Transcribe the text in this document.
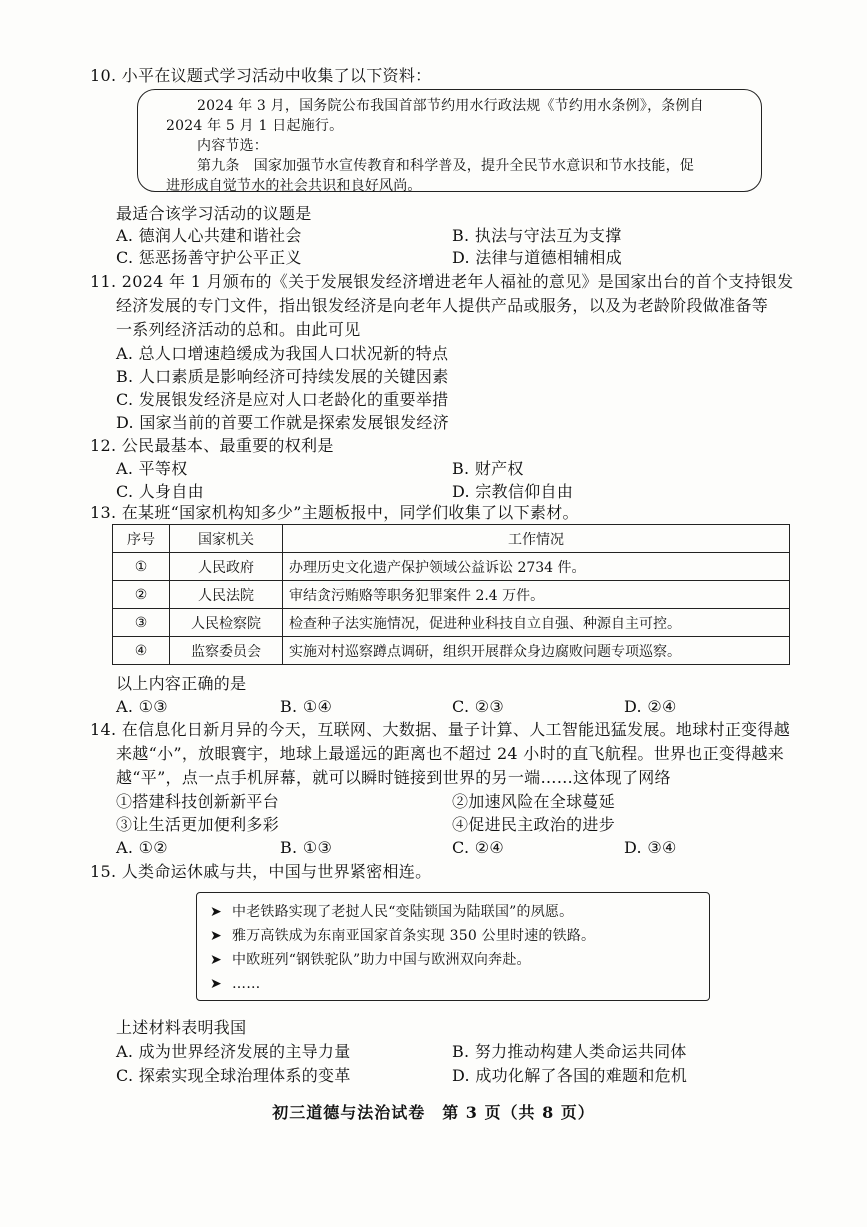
10. 小平在议题式学习活动中收集了以下资料：
2024 年 3 月，国务院公布我国首部节约用水行政法规《节约用水条例》，条例自
2024 年 5 月 1 日起施行。
内容节选：
第九条　国家加强节水宣传教育和科学普及，提升全民节水意识和节水技能，促
进形成自觉节水的社会共识和良好风尚。
最适合该学习活动的议题是
A. 德润人心共建和谐社会	B. 执法与守法互为支撑
C. 惩恶扬善守护公平正义	D. 法律与道德相辅相成
11. 2024 年 1 月颁布的《关于发展银发经济增进老年人福祉的意见》是国家出台的首个支持银发
经济发展的专门文件，指出银发经济是向老年人提供产品或服务，以及为老龄阶段做准备等
一系列经济活动的总和。由此可见
A. 总人口增速趋缓成为我国人口状况新的特点
B. 人口素质是影响经济可持续发展的关键因素
C. 发展银发经济是应对人口老龄化的重要举措
D. 国家当前的首要工作就是探索发展银发经济
12. 公民最基本、最重要的权利是
A. 平等权	B. 财产权
C. 人身自由	D. 宗教信仰自由
13. 在某班“国家机构知多少”主题板报中，同学们收集了以下素材。
序号	国家机关	工作情况
①	人民政府	办理历史文化遗产保护领域公益诉讼 2734 件。
②	人民法院	审结贪污贿赂等职务犯罪案件 2.4 万件。
③	人民检察院	检查种子法实施情况，促进种业科技自立自强、种源自主可控。
④	监察委员会	实施对村巡察蹲点调研，组织开展群众身边腐败问题专项巡察。
以上内容正确的是
A. ①③	B. ①④	C. ②③	D. ②④
14. 在信息化日新月异的今天，互联网、大数据、量子计算、人工智能迅猛发展。地球村正变得越
来越“小”，放眼寰宇，地球上最遥远的距离也不超过 24 小时的直飞航程。世界也正变得越来
越“平”，点一点手机屏幕，就可以瞬时链接到世界的另一端……这体现了网络
①搭建科技创新新平台	②加速风险在全球蔓延
③让生活更加便利多彩	④促进民主政治的进步
A. ①②	B. ①③	C. ②④	D. ③④
15. 人类命运休戚与共，中国与世界紧密相连。
➤ 中老铁路实现了老挝人民“变陆锁国为陆联国”的夙愿。
➤ 雅万高铁成为东南亚国家首条实现 350 公里时速的铁路。
➤ 中欧班列“钢铁驼队”助力中国与欧洲双向奔赴。
➤ ……
上述材料表明我国
A. 成为世界经济发展的主导力量	B. 努力推动构建人类命运共同体
C. 探索实现全球治理体系的变革	D. 成功化解了各国的难题和危机
初三道德与法治试卷　第 3 页（共 8 页）
